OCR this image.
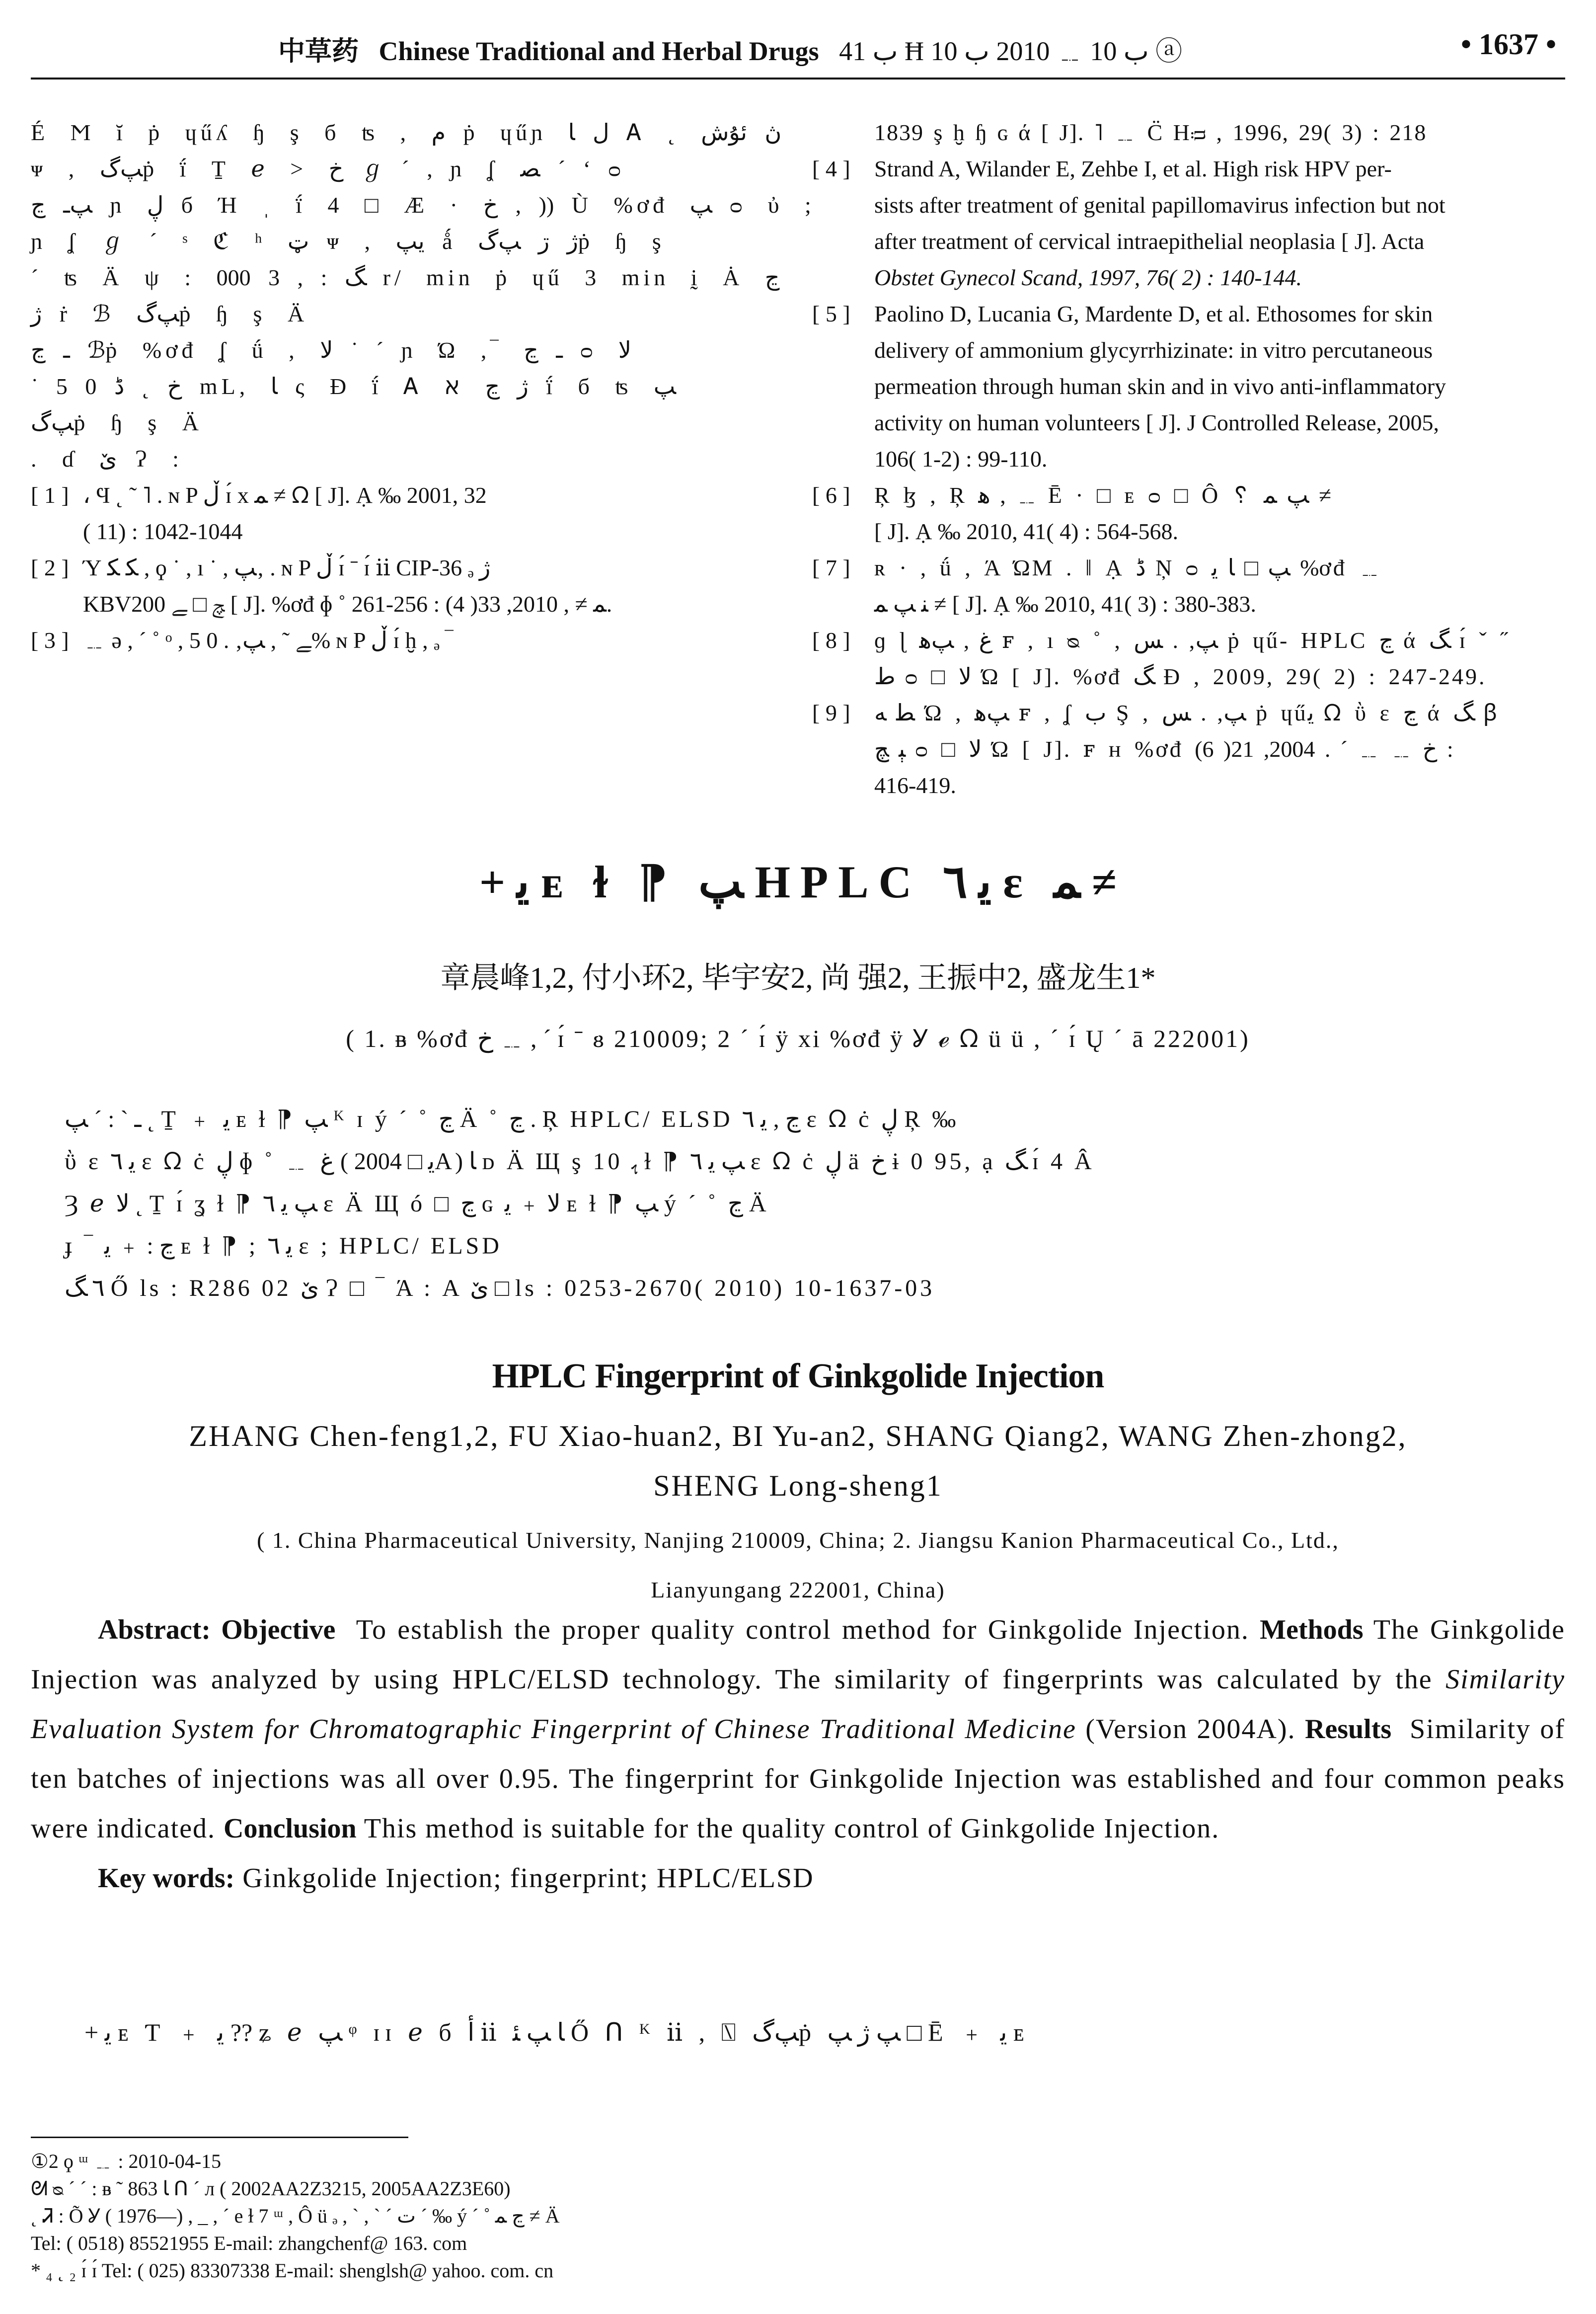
中草药 Chinese Traditional and Herbal Drugs ب 41 Ħ ب 10 ﹎ 2010 ب 10 ⓐ	• 1637 •
É Ϻ ĭ ṗ ɥűʎ ɧ ş б ʦ , م ṗ ɥűɲ ل ﺎ Ꭺ ˛ ڽ ئۇش
ᴪ , ﭗگṗ ḯ Ṯ ℯ > ﺥ ℊ ˊ , ɲ ʆ ﺼ ˊ ʻ ᴑ
ﭗـ ڃ ɲ ڸ б Ή ˌ ḯ 4 □ Æ · ﺥ , )) Ù %ơđ ﭗ ᴑ ὐ ;
ɲ ʆ ℊ ˊ ˢ ℭ ʰ ټ ᴪ , ﻳﭗ ǻ ژ ڗ ﭗگṗ ɧ ş
ˊ ʦ Ä ψ : ﮓ : , 3 000 r/ min ṗ ɥű 3 min ḭ Ȧ ڃ
ژ ṙ ℬ ﭗگṗ ɧ ş Ä
ـ ڃ ℬṗ %ơđ ʆ ǘ , ﻻ ˙ ˊ ɲ Ώ ,‾ ـ ڃ ᴑ ﻻ
˙ ﺥ ˛ ڈ 0 5 mL, ﺎ ς Ɖ ḯ Ꭺ ℵ ژ ڃ ḯ б ʦ ﭗ
ﭗگṗ ɧ ş Ä
. ɗ ێ Ɂ :
[ 1 ] ، Ϥ ˛ ˜ ˥ . ɴ P ڵ ɪ́ x ﻤ ≠ ᘯ [ J]. Ạ ‰ 2001, 32
( 11) : 1042-1044
[ 2 ] Ύ ﮑ ﮑ , ϙ ˙ , ı ˙ , ﭗ‚ . ɴ P ڵ ɪ́ ˉ ɪ́ ⅱ CIP-36 ₔ ژ
KBV200 ﭻ □ ﮯ [ J]. %ơđ ɸ ˚ ﻤ ≠ , 2010, 33( 4) : 256-261.
[ 3 ] ﹎ ə , ´ ˚ ᵒ , ﮯ ˜ , ﭗ‚ . 0 5% ɴ P ڵ ɪ́ ḫ , ₔ ‾
1839 ş ḫ ɧ ɢ ά [ J]. ˥ ﹎ C̈ Hᴞ , 1996, 29( 3) : 218
[ 4 ]	Strand A, Wilander E, Zehbe I, et al. High risk HPV per-
sists after treatment of genital papillomavirus infection but not
after treatment of cervical intraepithelial neoplasia [ J]. Acta
Obstet Gynecol Scand, 1997, 76( 2) : 140-144.
[ 5 ]	Paolino D, Lucania G, Mardente D, et al. Ethosomes for skin
delivery of ammonium glycyrrhizinate: in vitro percutaneous
permeation through human skin and in vivo anti-inflammatory
activity on human volunteers [ J]. J Controlled Release, 2005,
106( 1-2) : 99-110.
[ 6 ]	Ŗ ɮ , Ŗ ﻫ , ﹎ Ē · □ ᴇ ᴑ □ Ô ␦ ﭗ ﻤ ≠
[ J]. Ạ ‰ 2010, 41( 4) : 564-568.
[ 7 ]	ʀ · , ǘ , Ά ΏΜ . ‖ Ạ ڈ Ņ ᴑ ﭗ □ ﺎ ﯾ %ơđ ﹎
ﻨ ﭗ ﻤ ≠ [ J]. Ạ ‰ 2010, 41( 3) : 380-383.
[ 8 ]	ɡ ɭ ﻍ , ﭗﻫ ꜰ , ı ᴓ ˚ , ﭗ‚ . ﺲ ṗ ɥű- HPLC ﭶ ά ﮓ ɪ́ ˇ ˝
ﻁ ᴑ □ ﻻ Ώ [ J]. %ơđ ﮓ Ɖ , 2009, 29( 2) : 247-249.
[ 9 ]	ﻄ ﻪ Ώ , ﭗﻫ ꜰ , ʆ ﺏ Ş , ﭗ‚ . ﺲ ṗ ɥűﻳ ᘯ ῢ ɛ ﭶ ά ﮓ ꞵ
ﭕ ﭻ ᴑ □ ﻻ Ώ [ J]. ꜰ ʜ %ơđ ﺥ ﹎ ﹎ ˊ . 2004, 21( 6) :
416-419.
+ ﯾ ᴇ ɫ ⁋ ﭗ HPLC ﯾ ٦ ɛ ﻤ ≠
章晨峰1,2, 付小环2, 毕宇安2, 尚 强2, 王振中2, 盛龙生1*
( 1. ᴃ %ơđ ﺥ ﹎ , ´ ɪ́ ˉ ᴕ 210009; 2 ´ ɪ́ ÿ xi %ơđ ÿ Ỿ ℯ ᘯ ü ü , ´ ɪ́ Ų ˊ ā 222001)
ـ ˋ : ˊ ﭗ ˛ Ṯ ﹢ ﯾ ᴇ ɫ ⁋ ﭗ ᴷ ɪ ý ´ ˚ ﭶ Ä ˚ ﭶ . Ŗ HPLC/ ELSD ﭶ , ﻳ ٦ ɛ ᘯ ċ ڸ Ŗ ‰
ῢ ɛ ﻳ ٦ ɛ ᘯ ċ ڸ ɸ ˚ ﹎ ﻍ ( ﯾ □ 2004A) ﺎ ᴅ Ä Щ ş 10 ﮨ ɫ ⁋ ﭗ ﻳ ٦ ɛ ᘯ ċ ڸ ä ﺥ ɨ 0 95, ạ ﮓ ɪ́ 4 Â
Ȝ ℯ ﻻ ˛ Ṯ ɪ́ ʓ ɫ ⁋ ﭗ ﻳ ٦ ɛ Ä Щ ó □ ﭶ ɢ ﻻ ﹢ ﯾ ᴇ ɫ ⁋ ﭗ ý ´ ˚ ﭶ Ä
ɟ ‾ ﭶ : ﹢ ﯾ ᴇ ɫ ⁋ ; ﻳ ٦ ɛ ; HPLC/ ELSD
٦ ﮓ Ő ls : R286 02 ێ Ɂ □ ‾ Ά : A ێ □ ls : 0253-2670( 2010) 10-1637-03
HPLC Fingerprint of Ginkgolide Injection
ZHANG Chen-feng1,2, FU Xiao-huan2, BI Yu-an2, SHANG Qiang2, WANG Zhen-zhong2,
SHENG Long-sheng1
( 1. China Pharmaceutical University, Nanjing 210009, China; 2. Jiangsu Kanion Pharmaceutical Co., Ltd.,
Lianyungang 222001, China)

Abstract: Objective To establish the proper quality control method for Ginkgolide Injection. Methods The Ginkgolide Injection was analyzed by using HPLC/ELSD technology. The similarity of fingerprints was calculated by the Similarity Evaluation System for Chromatographic Fingerprint of Chinese Traditional Medicine (Version 2004A). Results Similarity of ten batches of injections was all over 0.95. The fingerprint for Ginkgolide Injection was established and four common peaks were indicated. Conclusion This method is suitable for the quality control of Ginkgolide Injection.

Key words: Ginkgolide Injection; fingerprint; HPLC/ELSD

+ ﯾ ᴇ Ƭ ﹢ ﯾ ?? ʑ ℯ ﭗ ᵠ ɪɪ ℯ б ﺃ ⅱ ﺎ ﭗ ﺌ Ő ᑎ ᴷ ⅱ , ⍂ ﭗگṗ ﭗ ژ ﭗ □ Ē ﹢ ﯾ ᴇ
①2 ϙ ᵚ ﹎ : 2010-04-15
ᘛ ᴓ ˊ ˊ : ᴃ ˜ 863 ﺎ ᑎ ˊ ᴫ ( 2002AA2Z3215, 2005AA2Z3E60)
˛ Ꮨ : Õ Ỿ ( 1976—) , _ , ´ e ɫ 7 ᵚ , Ô ü ₔ , ˋ , ˋ ˊ ﺕ ˊ ‰ ý ´ ˚ ﭶ ﻤ ≠ Ä
Tel: ( 0518) 85521955 E-mail: zhangchenf@ 163. com
* ₄ ˛ ₂ ɪ́ ɪ́ Tel: ( 025) 83307338 E-mail: shenglsh@ yahoo. com. cn
